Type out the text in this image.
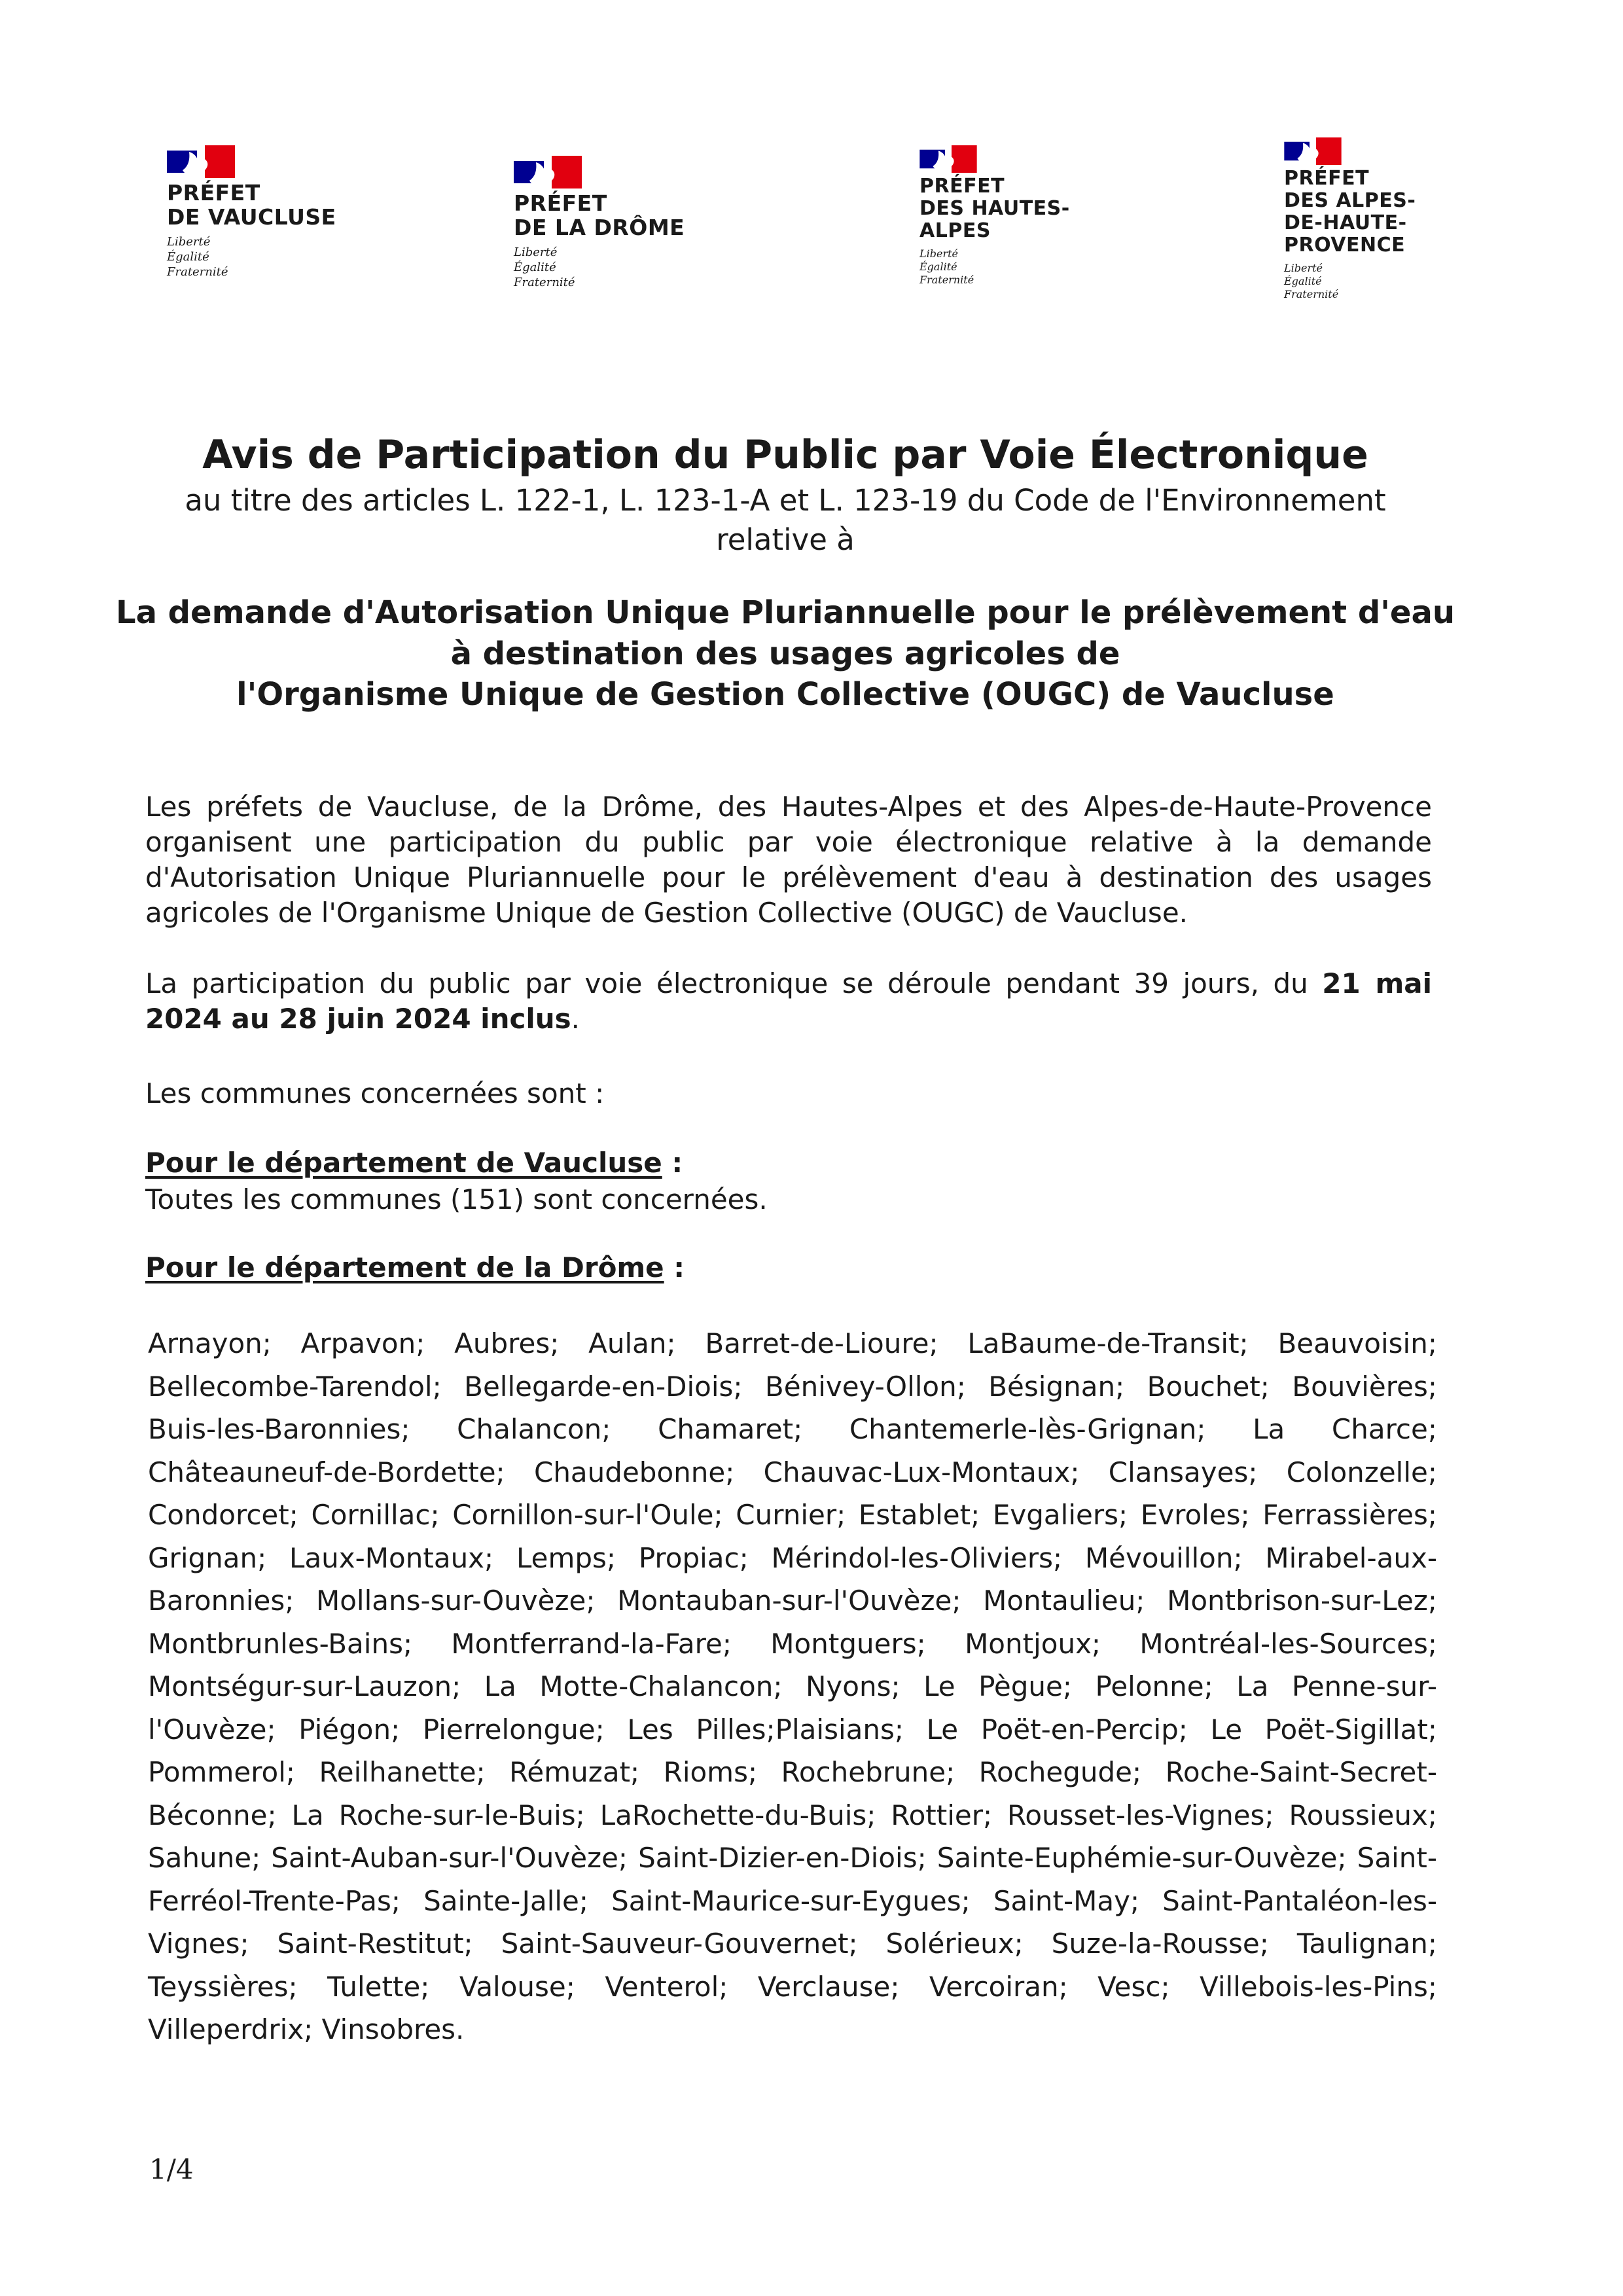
PRÉFET
DE VAUCLUSE
Liberté
Égalité
Fraternité
PRÉFET
DE LA DRÔME
Liberté
Égalité
Fraternité
PRÉFET
DES HAUTES-
ALPES
Liberté
Égalité
Fraternité
PRÉFET
DES ALPES-
DE-HAUTE-
PROVENCE
Liberté
Égalité
Fraternité
Avis de Participation du Public par Voie Électronique
au titre des articles L. 122-1, L. 123-1-A et L. 123-19 du Code de l'Environnement
relative à
La demande d'Autorisation Unique Pluriannuelle pour le prélèvement d'eau
à destination des usages agricoles de
l'Organisme Unique de Gestion Collective (OUGC) de Vaucluse
Les préfets de Vaucluse, de la Drôme, des Hautes-Alpes et des Alpes-de-Haute-Provence organisent une participation du public par voie électronique relative à la demande d'Autorisation Unique Pluriannuelle pour le prélèvement d'eau à destination des usages agricoles de l'Organisme Unique de Gestion Collective (OUGC) de Vaucluse.
La participation du public par voie électronique se déroule pendant 39 jours, du 21 mai 2024 au 28 juin 2024 inclus.
Les communes concernées sont :
Pour le département de Vaucluse :
Toutes les communes (151) sont concernées.
Pour le département de la Drôme :
Arnayon; Arpavon; Aubres; Aulan; Barret-de-Lioure; LaBaume-de-Transit; Beauvoisin; Bellecombe-Tarendol; Bellegarde-en-Diois; Bénivey-Ollon; Bésignan; Bouchet; Bouvières; Buis-les-Baronnies; Chalancon; Chamaret; Chantemerle-lès-Grignan; La Charce; Châteauneuf-de-Bordette; Chaudebonne; Chauvac-Lux-Montaux; Clansayes; Colonzelle; Condorcet; Cornillac; Cornillon-sur-l'Oule; Curnier; Establet; Evgaliers; Evroles; Ferrassières; Grignan; Laux-Montaux; Lemps; Propiac; Mérindol-les-Oliviers; Mévouillon; Mirabel-aux-Baronnies; Mollans-sur-Ouvèze; Montauban-sur-l'Ouvèze; Montaulieu; Montbrison-sur-Lez; Montbrunles-Bains; Montferrand-la-Fare; Montguers; Montjoux; Montréal-les-Sources; Montségur-sur-Lauzon; La Motte-Chalancon; Nyons; Le Pègue; Pelonne; La Penne-sur-l'Ouvèze; Piégon; Pierrelongue; Les Pilles;Plaisians; Le Poët-en-Percip; Le Poët-Sigillat; Pommerol; Reilhanette; Rémuzat; Rioms; Rochebrune; Rochegude; Roche-Saint-Secret-Béconne; La Roche-sur-le-Buis; LaRochette-du-Buis; Rottier; Rousset-les-Vignes; Roussieux; Sahune; Saint-Auban-sur-l'Ouvèze; Saint-Dizier-en-Diois; Sainte-Euphémie-sur-Ouvèze; Saint-Ferréol-Trente-Pas; Sainte-Jalle; Saint-Maurice-sur-Eygues; Saint-May; Saint-Pantaléon-les-Vignes; Saint-Restitut; Saint-Sauveur-Gouvernet; Solérieux; Suze-la-Rousse; Taulignan; Teyssières; Tulette; Valouse; Venterol; Verclause; Vercoiran; Vesc; Villebois-les-Pins; Villeperdrix; Vinsobres.
1/4
